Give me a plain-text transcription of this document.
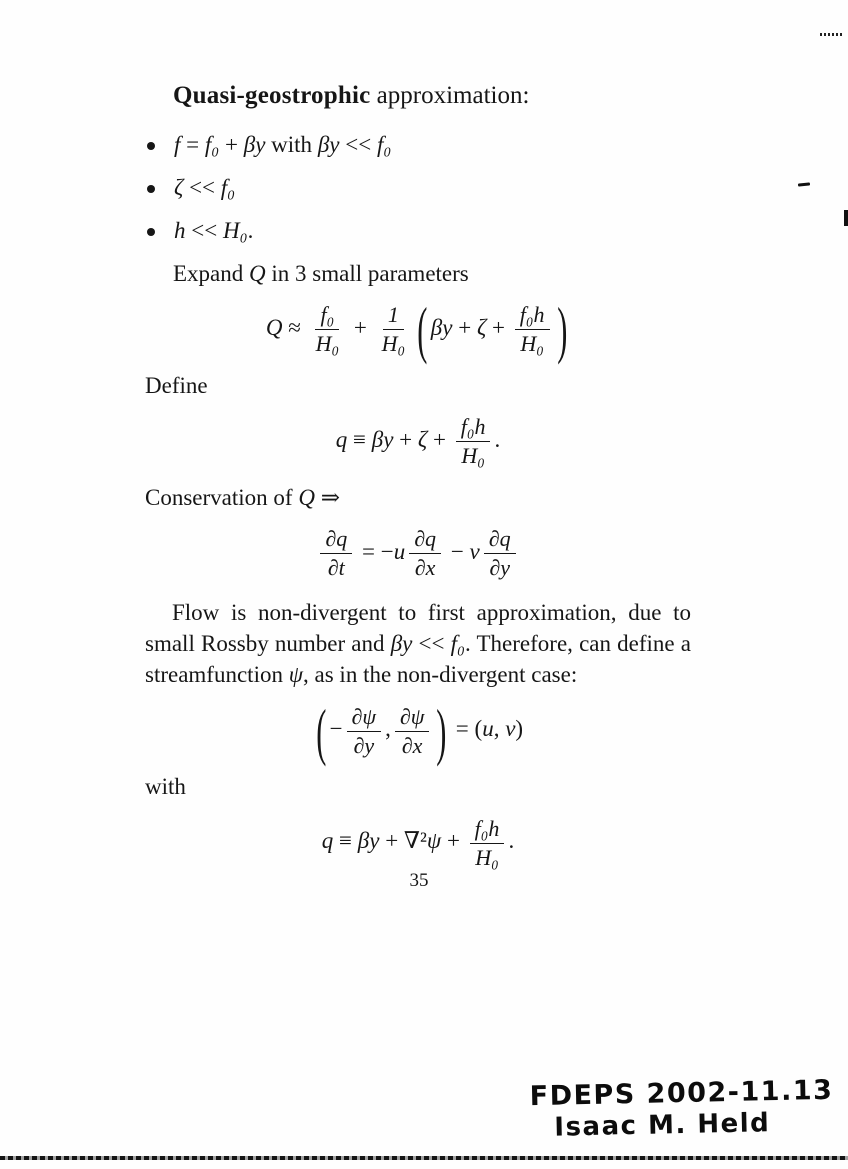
Quasi-geostrophic approximation:
f = f₀ + βy with βy << f₀
ζ << f₀
h << H₀.

Expand Q in 3 small parameters

$Q \approx \frac{\text{f₀}}{\text{H₀}} + \frac{1}{\text{H₀}}$ ( $\beta y + \zeta + \frac{\text{f₀h}}{\text{H₀}}$ )

Define

$q \equiv \beta y + \zeta + \frac{\text{f₀h}}{\text{H₀}}$ .

Conservation of Q ⇒

$\frac{\partial q}{\partial t} = -u \frac{\partial q}{\partial x} - v \frac{\partial q}{\partial y}$

Flow is non-divergent to first approximation, due to small Rossby number and βy << f₀. Therefore, can define a streamfunction ψ, as in the non-divergent case:

( − $\frac{\partial\psi}{\partial y}$ , $\frac{\partial\psi}{\partial x}$ ) = (u, v)

with

$q \equiv \beta y + \nabla^2\psi + \frac{\text{f₀h}}{\text{H₀}}$ .
35
FDEPS 2002-11.13
Isaac M. Held
